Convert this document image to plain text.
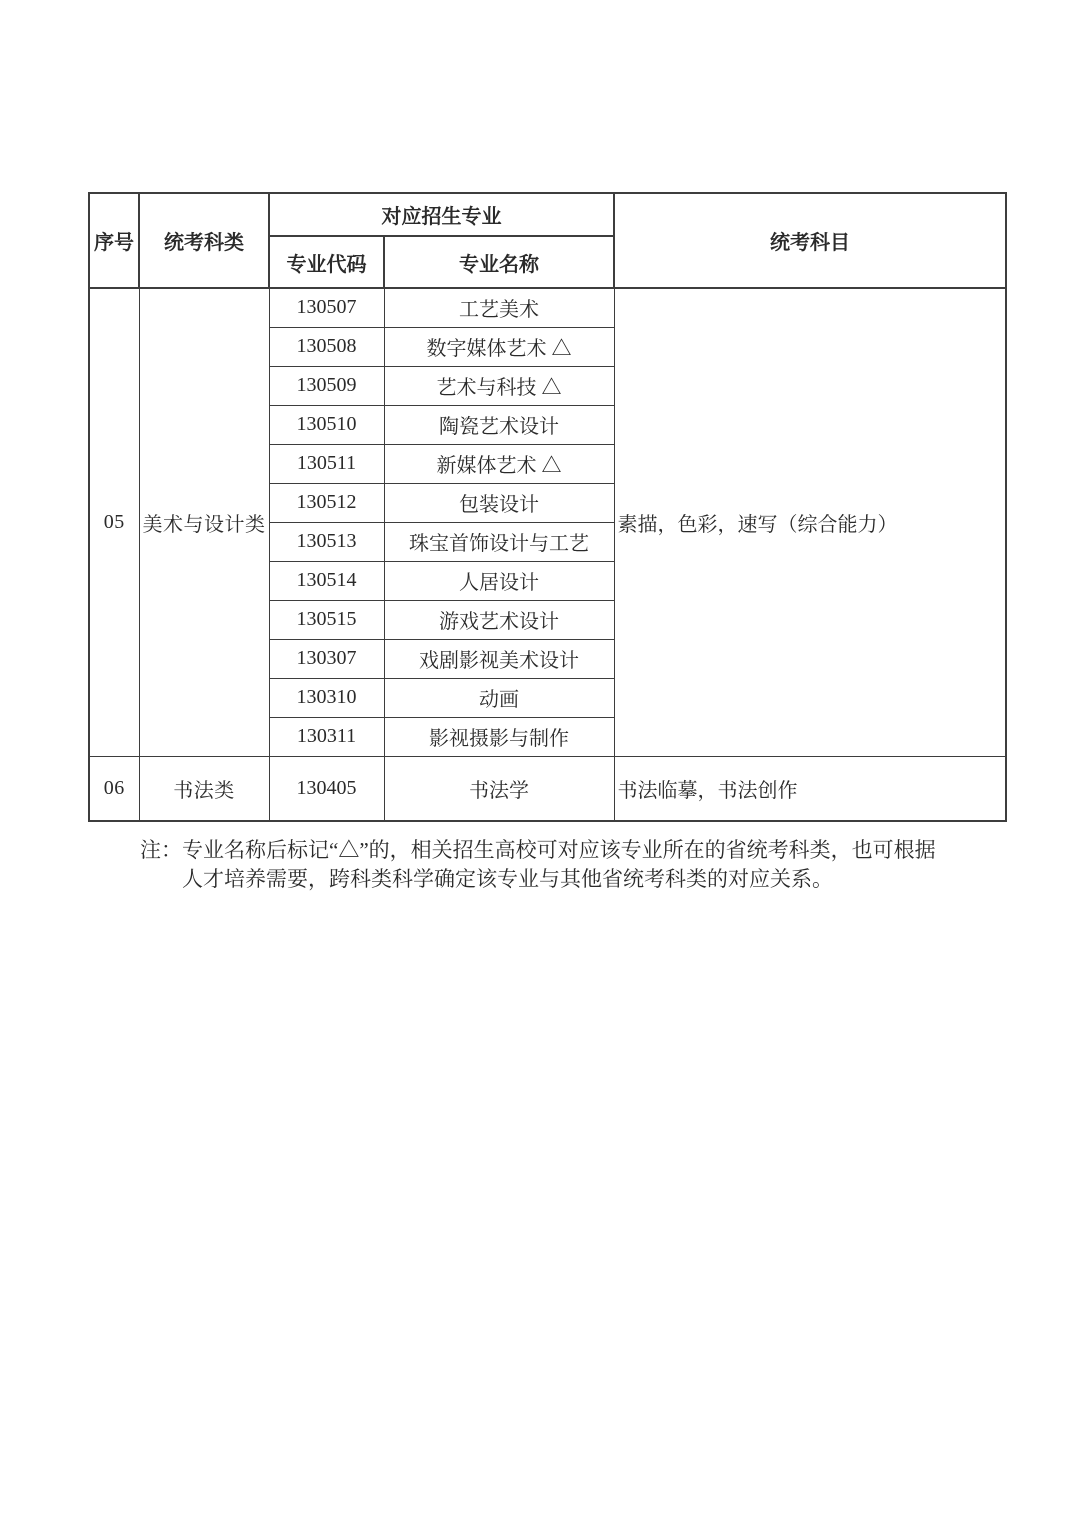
序号	统考科类	对应招生专业		统考科目
		专业代码	专业名称	
05	美术与设计类	130507	工艺美术	素描，色彩，速写（综合能力）
		130508	数字媒体艺术 △	
		130509	艺术与科技 △	
		130510	陶瓷艺术设计	
		130511	新媒体艺术 △	
		130512	包装设计	
		130513	珠宝首饰设计与工艺	
		130514	人居设计	
		130515	游戏艺术设计	
		130307	戏剧影视美术设计	
		130310	动画	
		130311	影视摄影与制作	
06	书法类	130405	书法学	书法临摹，书法创作
注： 专业名称后标记“△”的，相关招生高校可对应该专业所在的省统考科类，也可根据人才培养需要，跨科类科学确定该专业与其他省统考科类的对应关系。
